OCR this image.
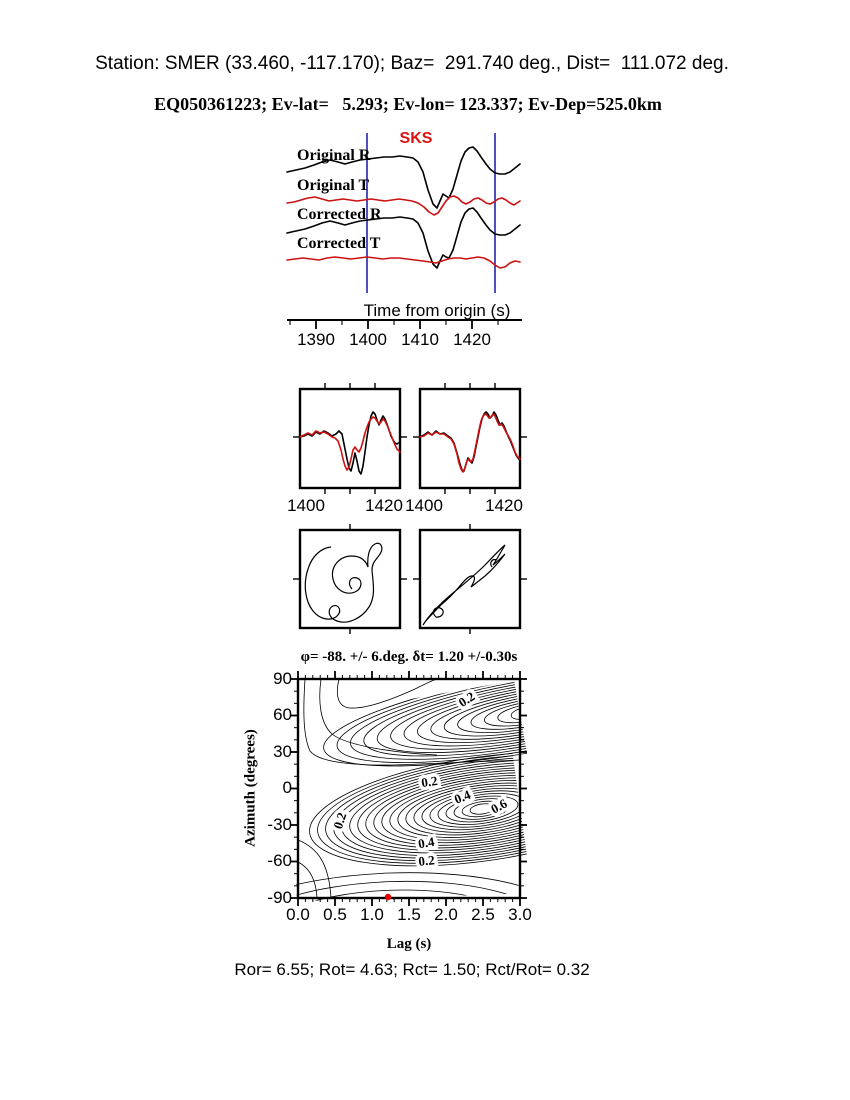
0.2
0.2
0.4 0.6
0.2
0.4
0.2
Station: SMER (33.460, -117.170); Baz=  291.740 deg., Dist=  111.072 deg.
EQ050361223; Ev-lat=   5.293; Ev-lon= 123.337; Ev-Dep=525.0km
SKS
Original R
Original T
Corrected R
Corrected T
Time from origin (s)
1390 1400 1410 1420
1400 1420 1400 1420
φ= -88. +/- 6.deg. δt= 1.20 +/-0.30s
90
60
30
0
-30
-60
-90
Azimuth (degrees)
0.0 0.5 1.0 1.5 2.0 2.5 3.0
Lag (s)
Ror= 6.55; Rot= 4.63; Rct= 1.50; Rct/Rot= 0.32
